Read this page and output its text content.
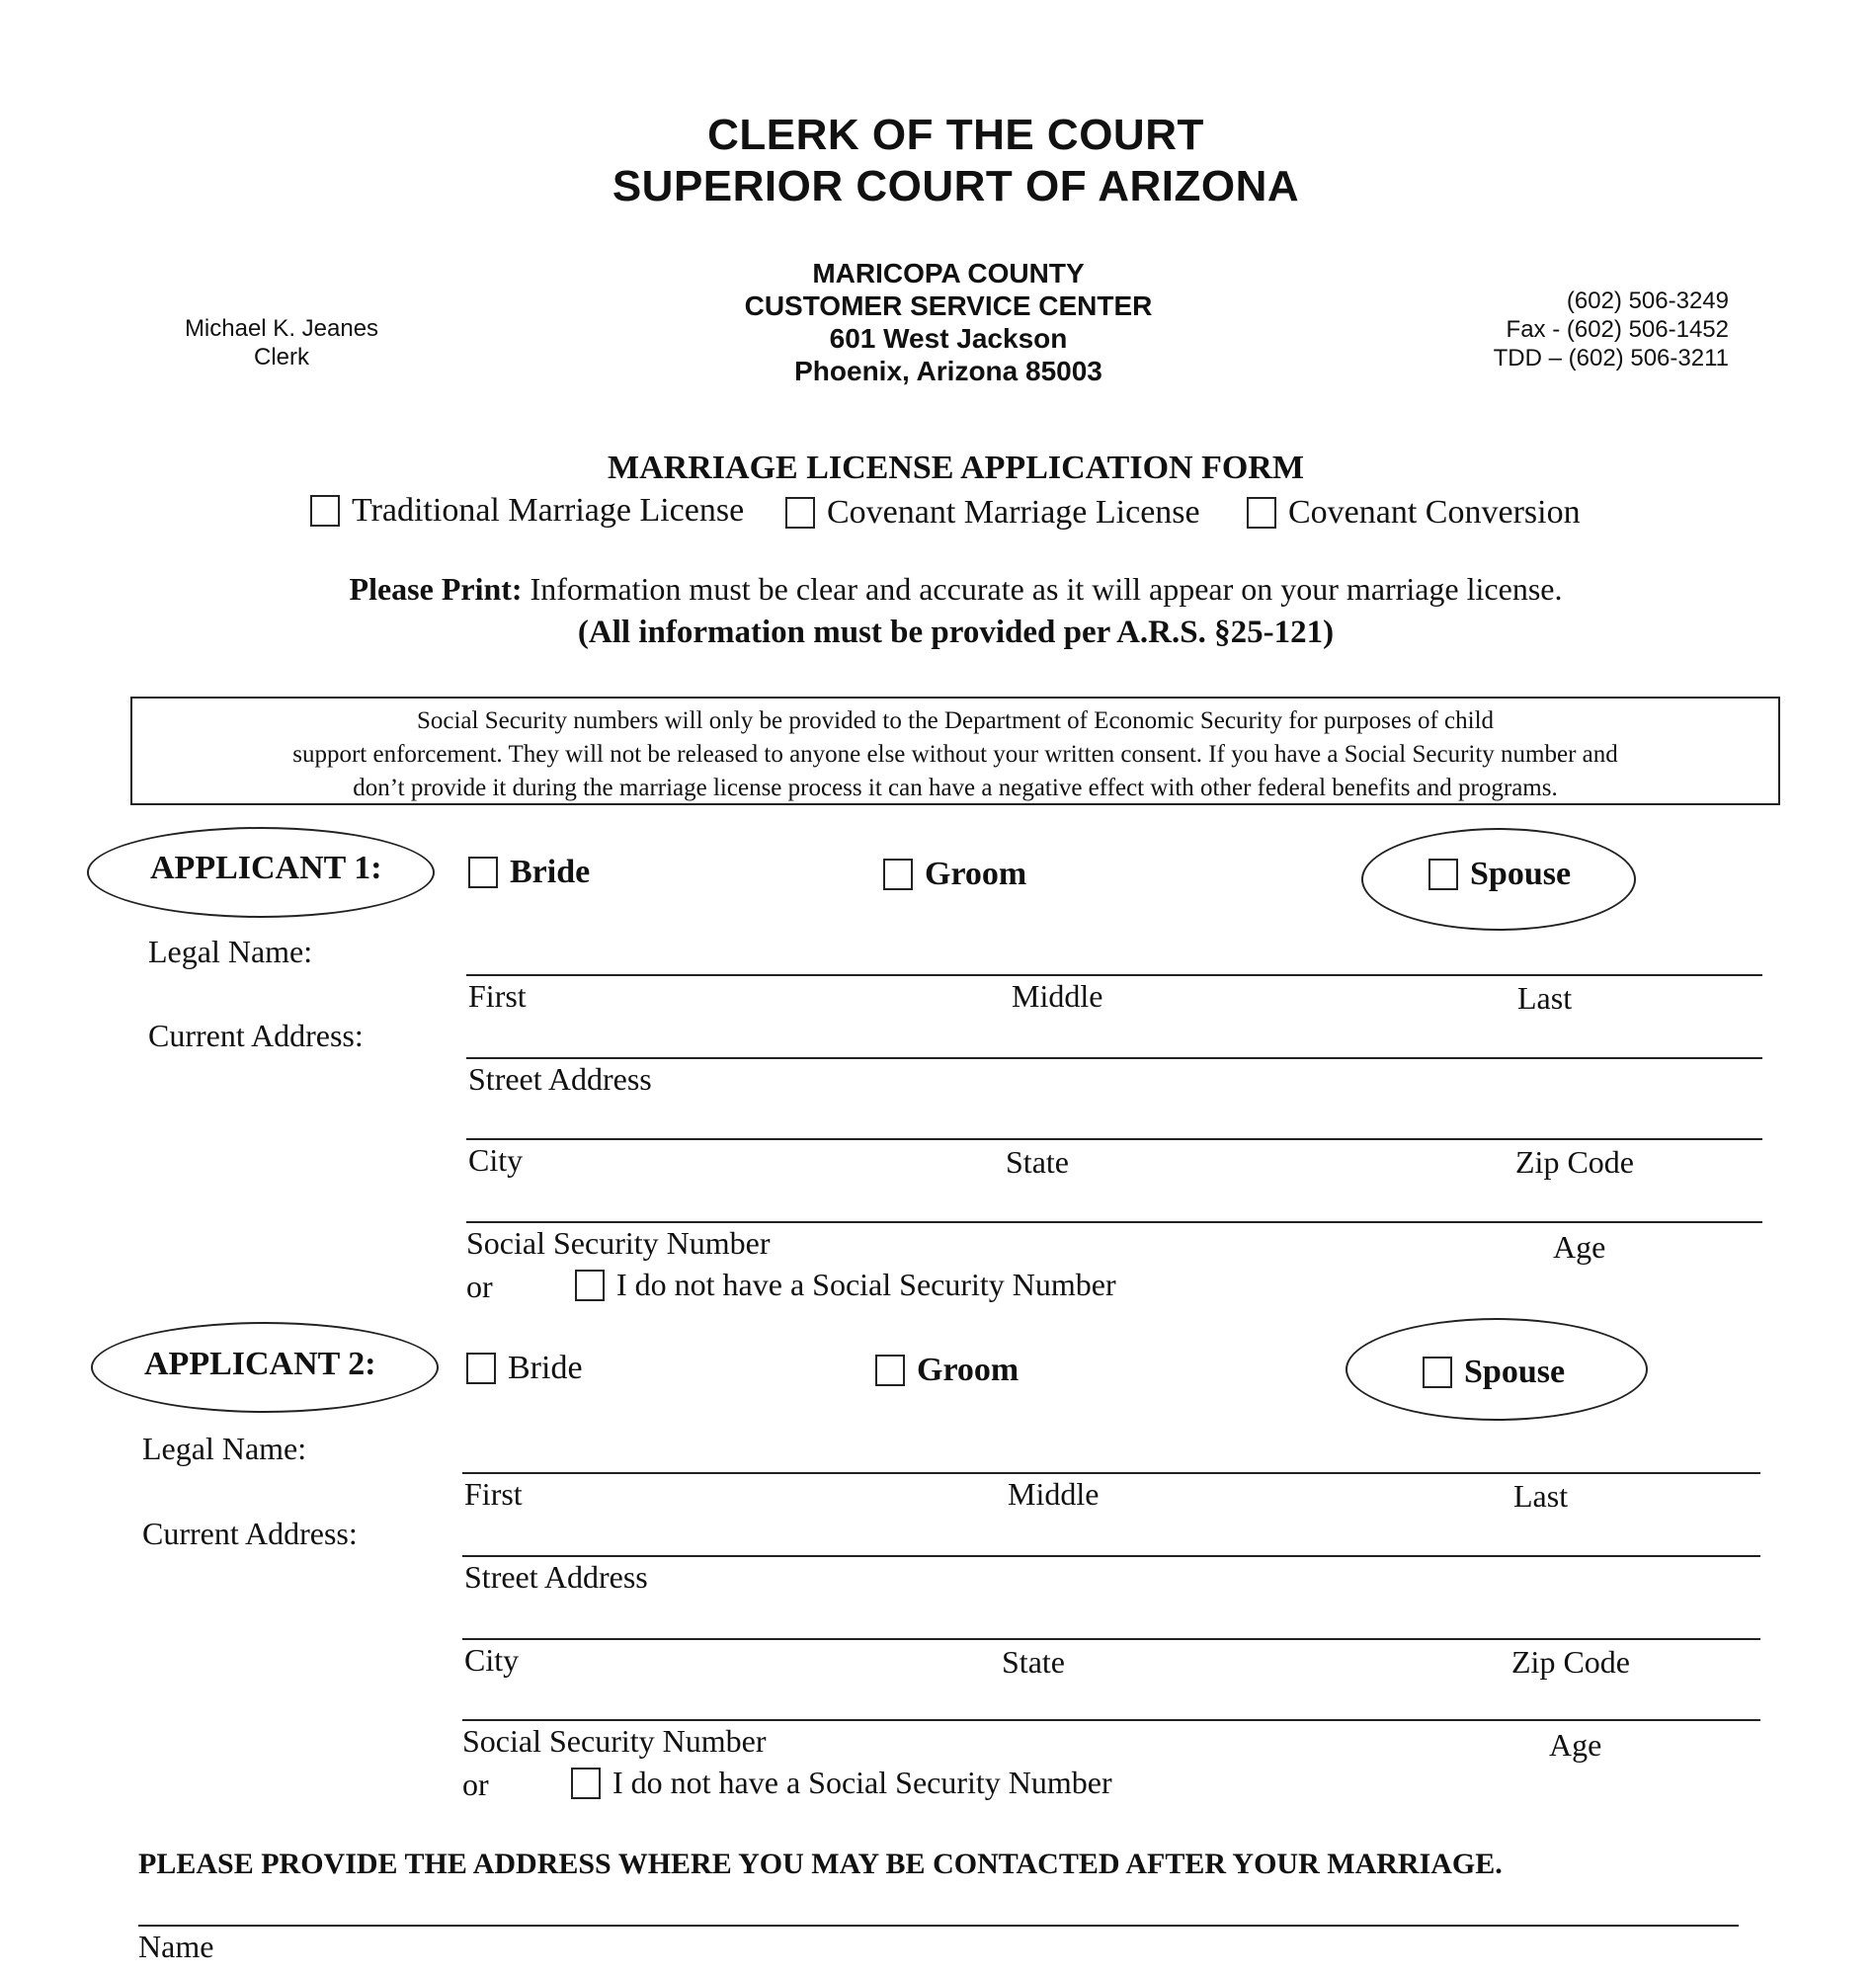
CLERK OF THE COURT
SUPERIOR COURT OF ARIZONA
MARICOPA COUNTY
CUSTOMER SERVICE CENTER
601 West Jackson
Phoenix, Arizona 85003
Michael K. Jeanes
Clerk
(602) 506-3249
Fax - (602) 506-1452
TDD – (602) 506-3211
MARRIAGE LICENSE APPLICATION FORM
Traditional Marriage License Covenant Marriage License	Covenant Conversion
Please Print: Information must be clear and accurate as it will appear on your marriage license.
(All information must be provided per A.R.S. §25-121)
Social Security numbers will only be provided to the Department of Economic Security for purposes of child
support enforcement. They will not be released to anyone else without your written consent. If you have a Social Security number and
don’t provide it during the marriage license process it can have a negative effect with other federal benefits and programs.
APPLICANT 1:	Bride	Groom	Spouse
Legal Name:
First	Middle	Last
Current Address:
Street Address
City	State	Zip Code
Social Security Number	Age
or	I do not have a Social Security Number
APPLICANT 2:	Bride	Groom	Spouse
Legal Name:
First	Middle	Last
Current Address:
Street Address
City	State	Zip Code
Social Security Number	Age
or	I do not have a Social Security Number
PLEASE PROVIDE THE ADDRESS WHERE YOU MAY BE CONTACTED AFTER YOUR MARRIAGE.
Name
